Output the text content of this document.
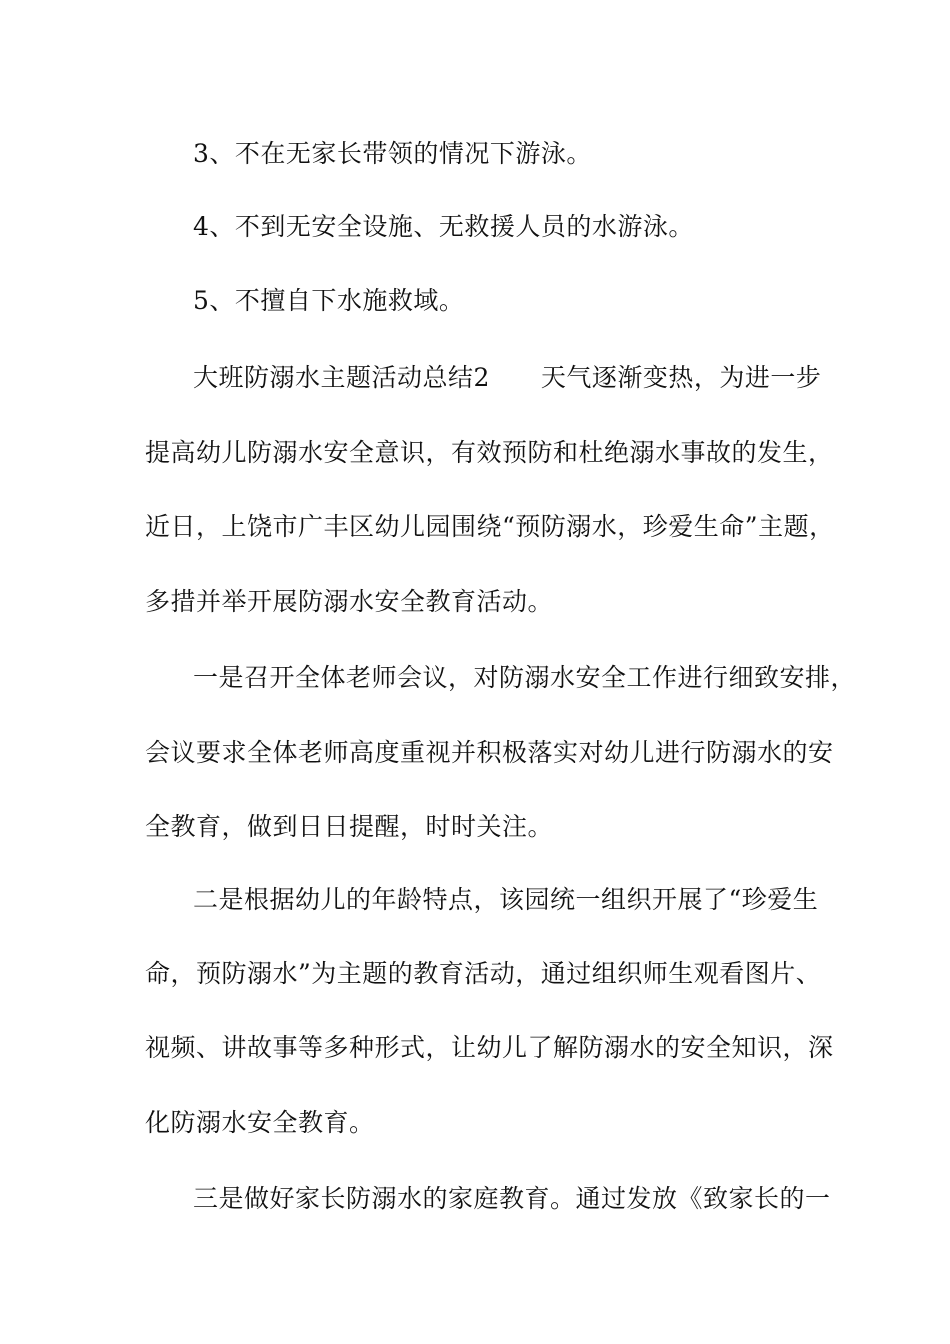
3、不在无家长带领的情况下游泳。
4、不到无安全设施、无救援人员的水游泳。
5、不擅自下水施救域。
大班防溺水主题活动总结2　　天气逐渐变热，为进一步
提高幼儿防溺水安全意识，有效预防和杜绝溺水事故的发生，
近日，上饶市广丰区幼儿园围绕“预防溺水，珍爱生命”主题，
多措并举开展防溺水安全教育活动。
一是召开全体老师会议，对防溺水安全工作进行细致安排，
会议要求全体老师高度重视并积极落实对幼儿进行防溺水的安
全教育，做到日日提醒，时时关注。
二是根据幼儿的年龄特点，该园统一组织开展了“珍爱生
命，预防溺水”为主题的教育活动，通过组织师生观看图片、
视频、讲故事等多种形式，让幼儿了解防溺水的安全知识，深
化防溺水安全教育。
三是做好家长防溺水的家庭教育。通过发放《致家长的一
